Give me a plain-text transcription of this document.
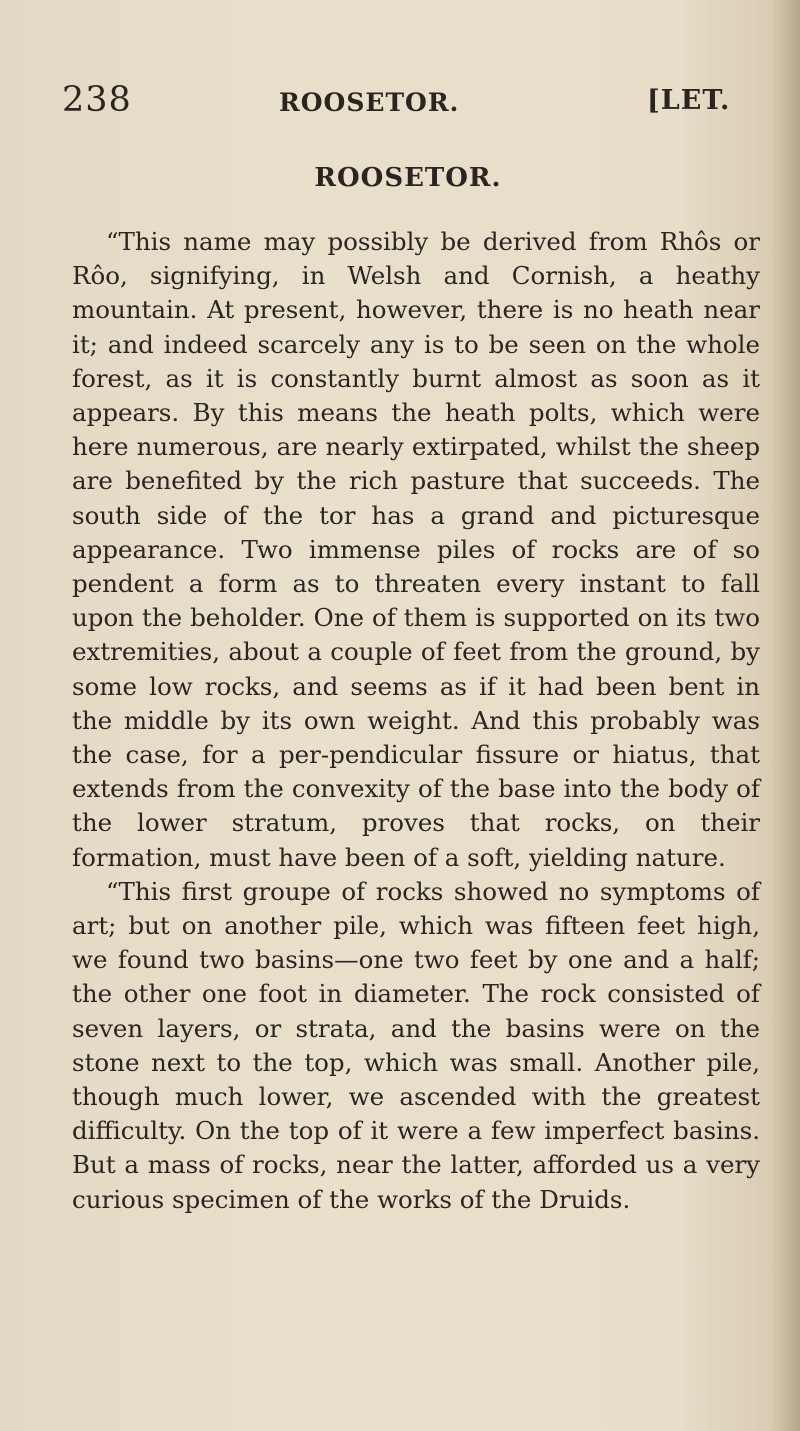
238	ROOSETOR.	[LET.
ROOSETOR.

“This name may possibly be derived from Rhôs or Rôo, signifying, in Welsh and Cornish, a heathy mountain. At present, however, there is no heath near it; and indeed scarcely any is to be seen on the whole forest, as it is constantly burnt almost as soon as it appears. By this means the heath polts, which were here numerous, are nearly extirpated, whilst the sheep are benefited by the rich pasture that succeeds. The south side of the tor has a grand and picturesque appearance. Two immense piles of rocks are of so pendent a form as to threaten every instant to fall upon the beholder. One of them is supported on its two extremities, about a couple of feet from the ground, by some low rocks, and seems as if it had been bent in the middle by its own weight. And this probably was the case, for a per-pendicular fissure or hiatus, that extends from the convexity of the base into the body of the lower stratum, proves that rocks, on their formation, must have been of a soft, yielding nature.

“This first groupe of rocks showed no symptoms of art; but on another pile, which was fifteen feet high, we found two basins—one two feet by one and a half; the other one foot in diameter. The rock consisted of seven layers, or strata, and the basins were on the stone next to the top, which was small. Another pile, though much lower, we ascended with the greatest difficulty. On the top of it were a few imperfect basins. But a mass of rocks, near the latter, afforded us a very curious specimen of the works of the Druids.
